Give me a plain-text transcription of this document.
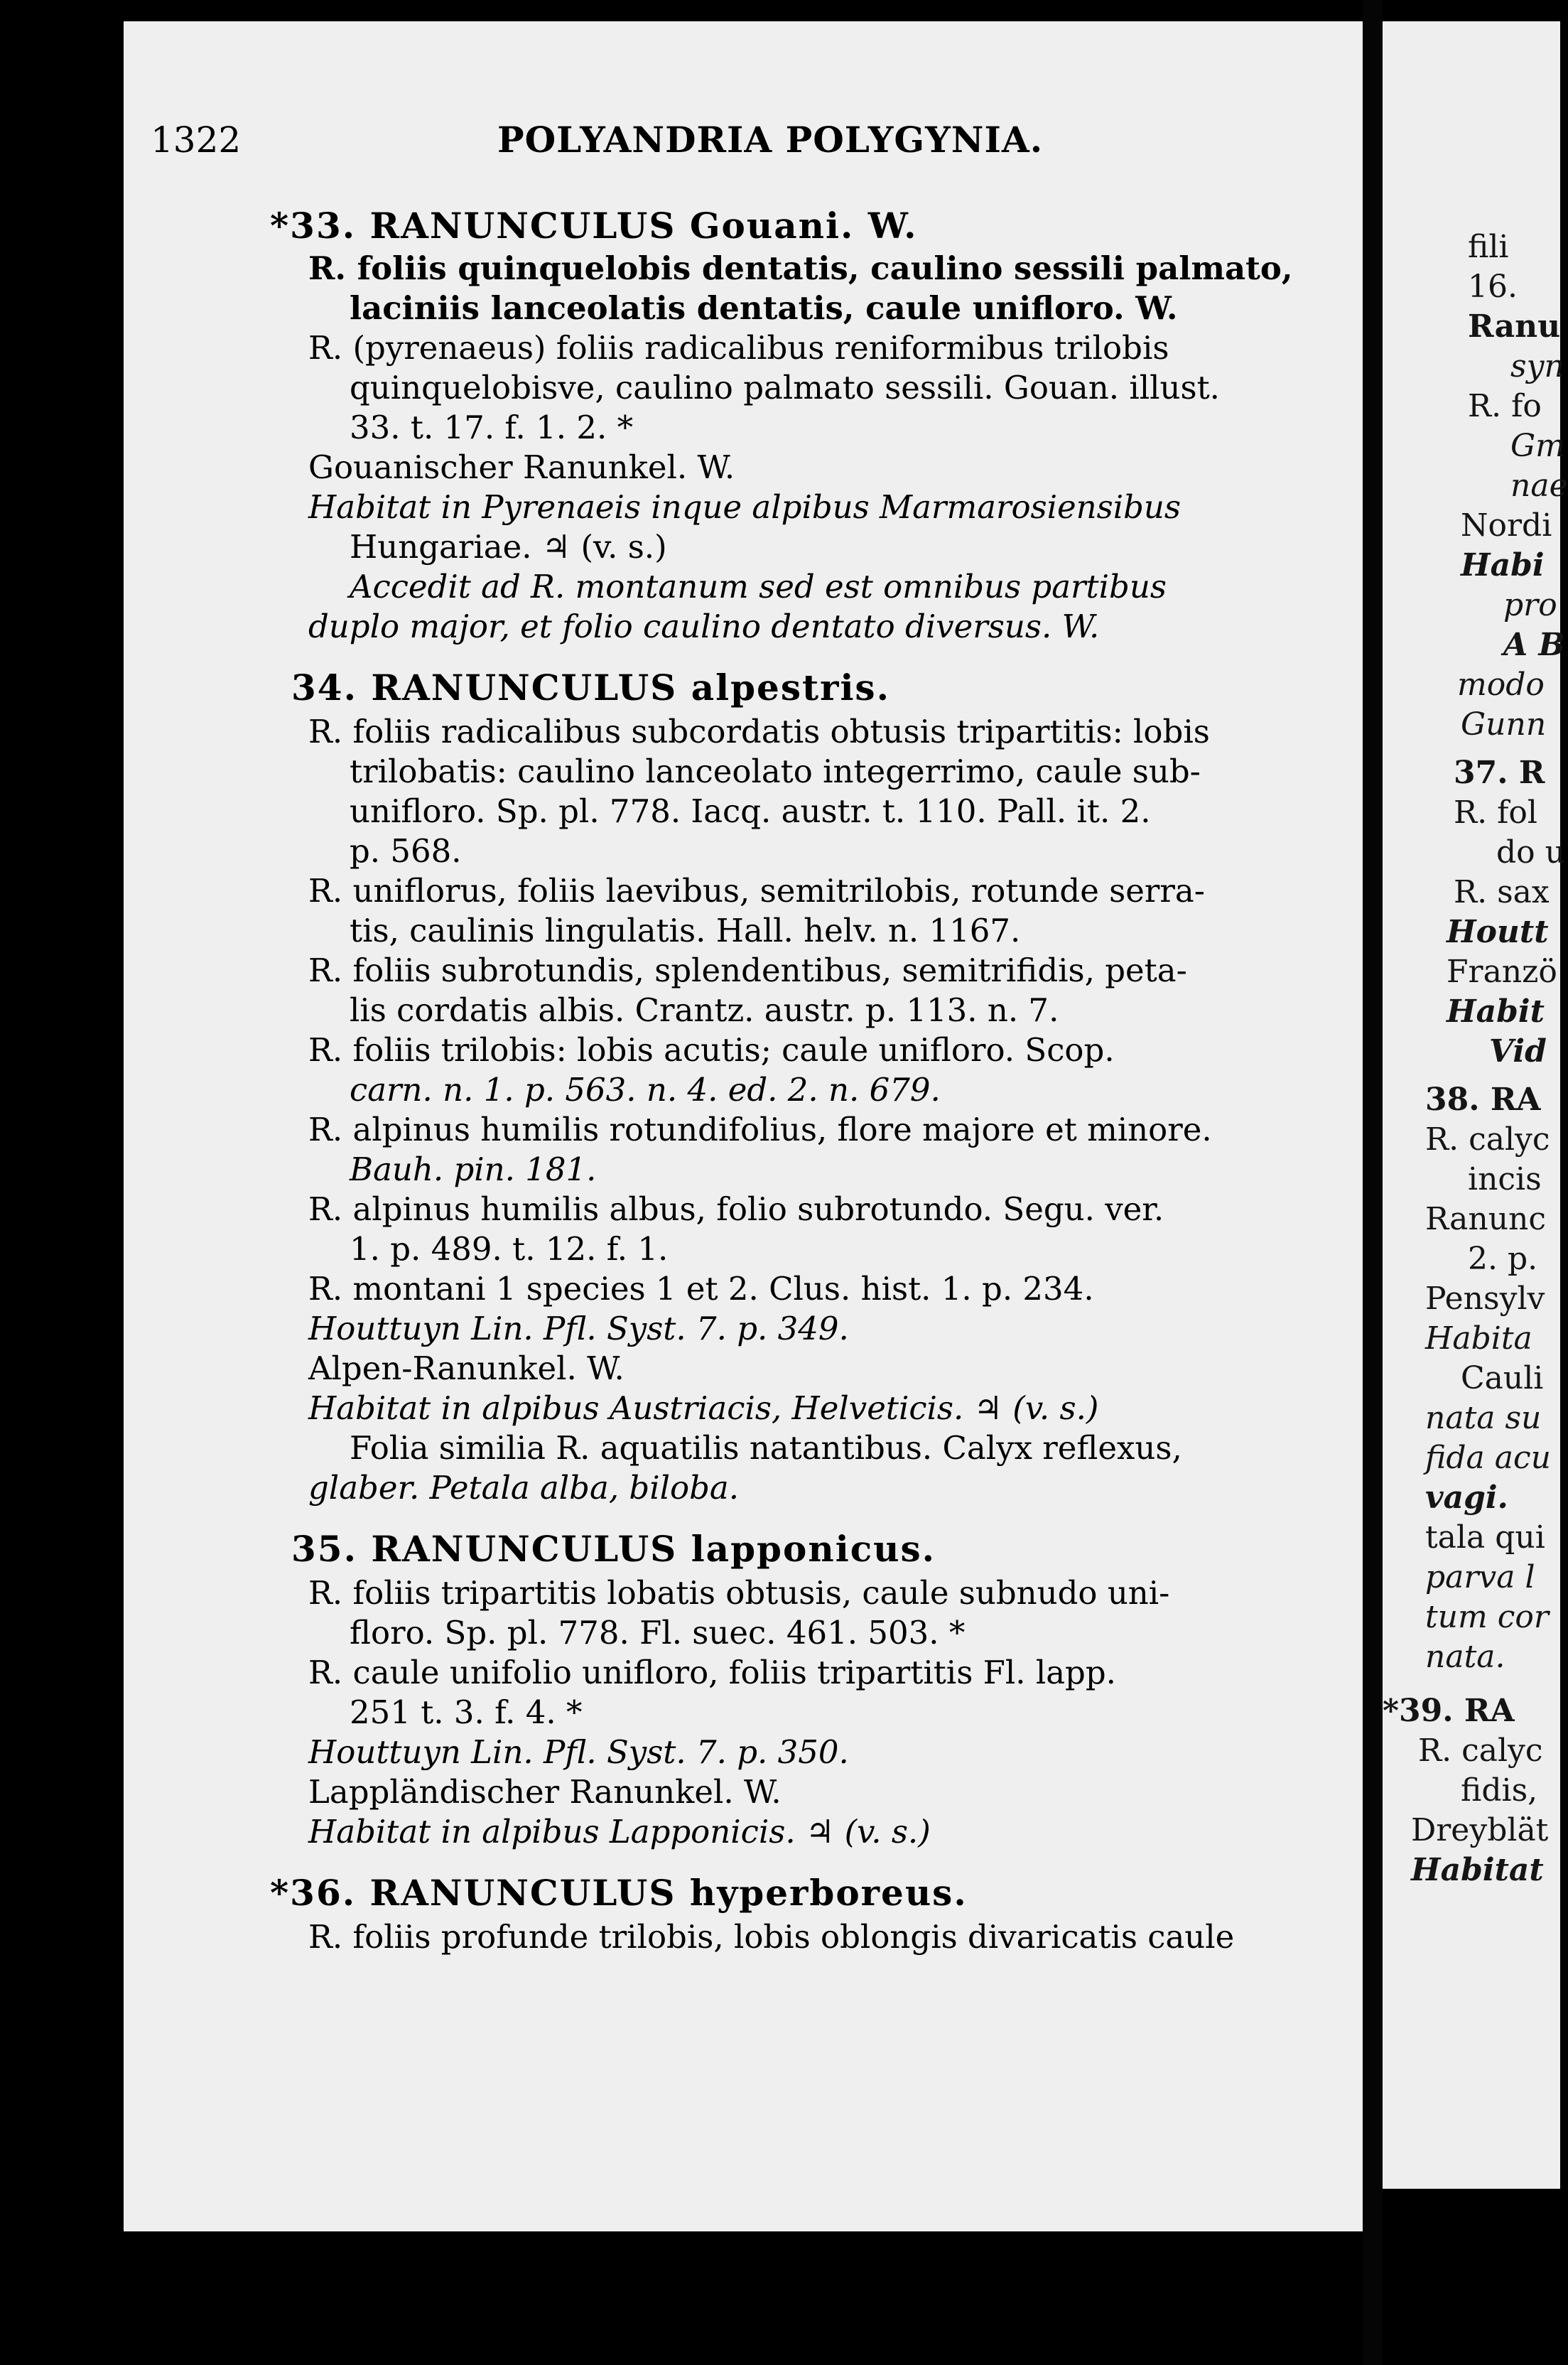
fili
16.
Ranu
syn
R. fo
Gm
nae
Nordi
Habi
pro
A B
modo
Gunn
37. R
R. fol
do u
R. sax
Houtt
Franzö
Habit
Vid
38. RA
R. calyc
incis
Ranunc
2. p.
Pensylv
Habita
Cauli
nata su
fida acu
vagi.
tala qui
parva l
tum cor
nata.
*39. RA
R. calyc
fidis,
Dreyblät
Habitat
1322	POLYANDRIA POLYGYNIA.
*33. RANUNCULUS Gouani. W.
R. foliis quinquelobis dentatis, caulino sessili palmato,
laciniis lanceolatis dentatis, caule unifloro. W.
R. (pyrenaeus) foliis radicalibus reniformibus trilobis
quinquelobisve, caulino palmato sessili. Gouan. illust.
33. t. 17. f. 1. 2. *
Gouanischer Ranunkel. W.
Habitat in Pyrenaeis inque alpibus Marmarosiensibus
Hungariae. ♃ (v. s.)
Accedit ad R. montanum sed est omnibus partibus
duplo major, et folio caulino dentato diversus. W.
34. RANUNCULUS alpestris.
R. foliis radicalibus subcordatis obtusis tripartitis: lobis
trilobatis: caulino lanceolato integerrimo, caule sub-
unifloro. Sp. pl. 778. Iacq. austr. t. 110. Pall. it. 2.
p. 568.
R. uniflorus, foliis laevibus, semitrilobis, rotunde serra-
tis, caulinis lingulatis. Hall. helv. n. 1167.
R. foliis subrotundis, splendentibus, semitrifidis, peta-
lis cordatis albis. Crantz. austr. p. 113. n. 7.
R. foliis trilobis: lobis acutis; caule unifloro. Scop.
carn. n. 1. p. 563. n. 4. ed. 2. n. 679.
R. alpinus humilis rotundifolius, flore majore et minore.
Bauh. pin. 181.
R. alpinus humilis albus, folio subrotundo. Segu. ver.
1. p. 489. t. 12. f. 1.
R. montani 1 species 1 et 2. Clus. hist. 1. p. 234.
Houttuyn Lin. Pfl. Syst. 7. p. 349.
Alpen-Ranunkel. W.
Habitat in alpibus Austriacis, Helveticis. ♃ (v. s.)
Folia similia R. aquatilis natantibus. Calyx reflexus,
glaber. Petala alba, biloba.
35. RANUNCULUS lapponicus.
R. foliis tripartitis lobatis obtusis, caule subnudo uni-
floro. Sp. pl. 778. Fl. suec. 461. 503. *
R. caule unifolio unifloro, foliis tripartitis Fl. lapp.
251 t. 3. f. 4. *
Houttuyn Lin. Pfl. Syst. 7. p. 350.
Lappländischer Ranunkel. W.
Habitat in alpibus Lapponicis. ♃ (v. s.)
*36. RANUNCULUS hyperboreus.
R. foliis profunde trilobis, lobis oblongis divaricatis caule
